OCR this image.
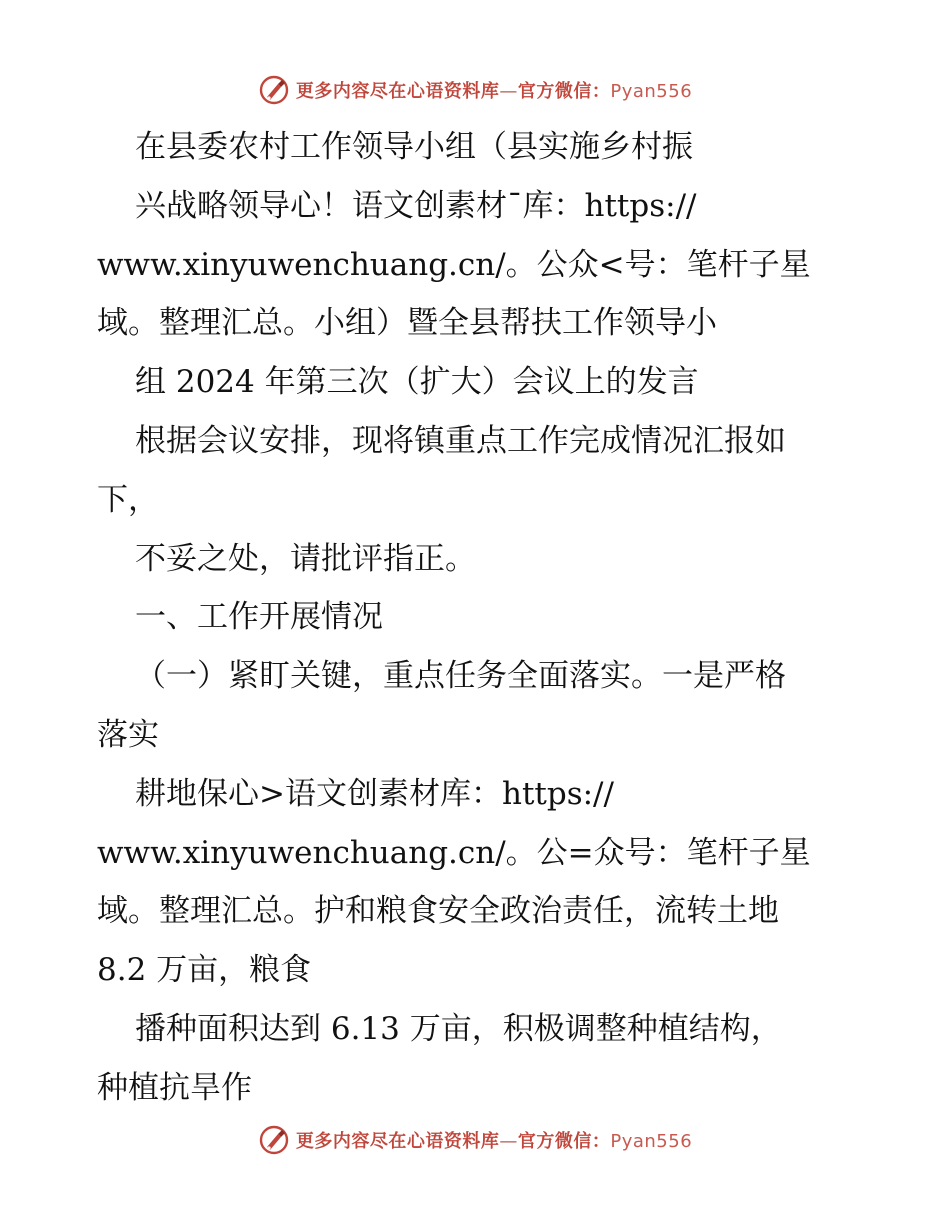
更多内容尽在心语资料库—官方微信：Pyan556
在县委农村工作领导小组（县实施乡村振
兴战略领导心！语文创素材¯库：https://
www.xinyuwenchuang.cn/。公众<号：笔杆子星
域。整理汇总。小组）暨全县帮扶工作领导小
组 2024 年第三次（扩大）会议上的发言
根据会议安排，现将镇重点工作完成情况汇报如
下，
不妥之处，请批评指正。
一、工作开展情况
（一）紧盯关键，重点任务全面落实。一是严格
落实
耕地保心>语文创素材库：https://
www.xinyuwenchuang.cn/。公=众号：笔杆子星
域。整理汇总。护和粮食安全政治责任，流转土地
8.2 万亩，粮食
播种面积达到 6.13 万亩，积极调整种植结构，
种植抗旱作
更多内容尽在心语资料库—官方微信：Pyan556
